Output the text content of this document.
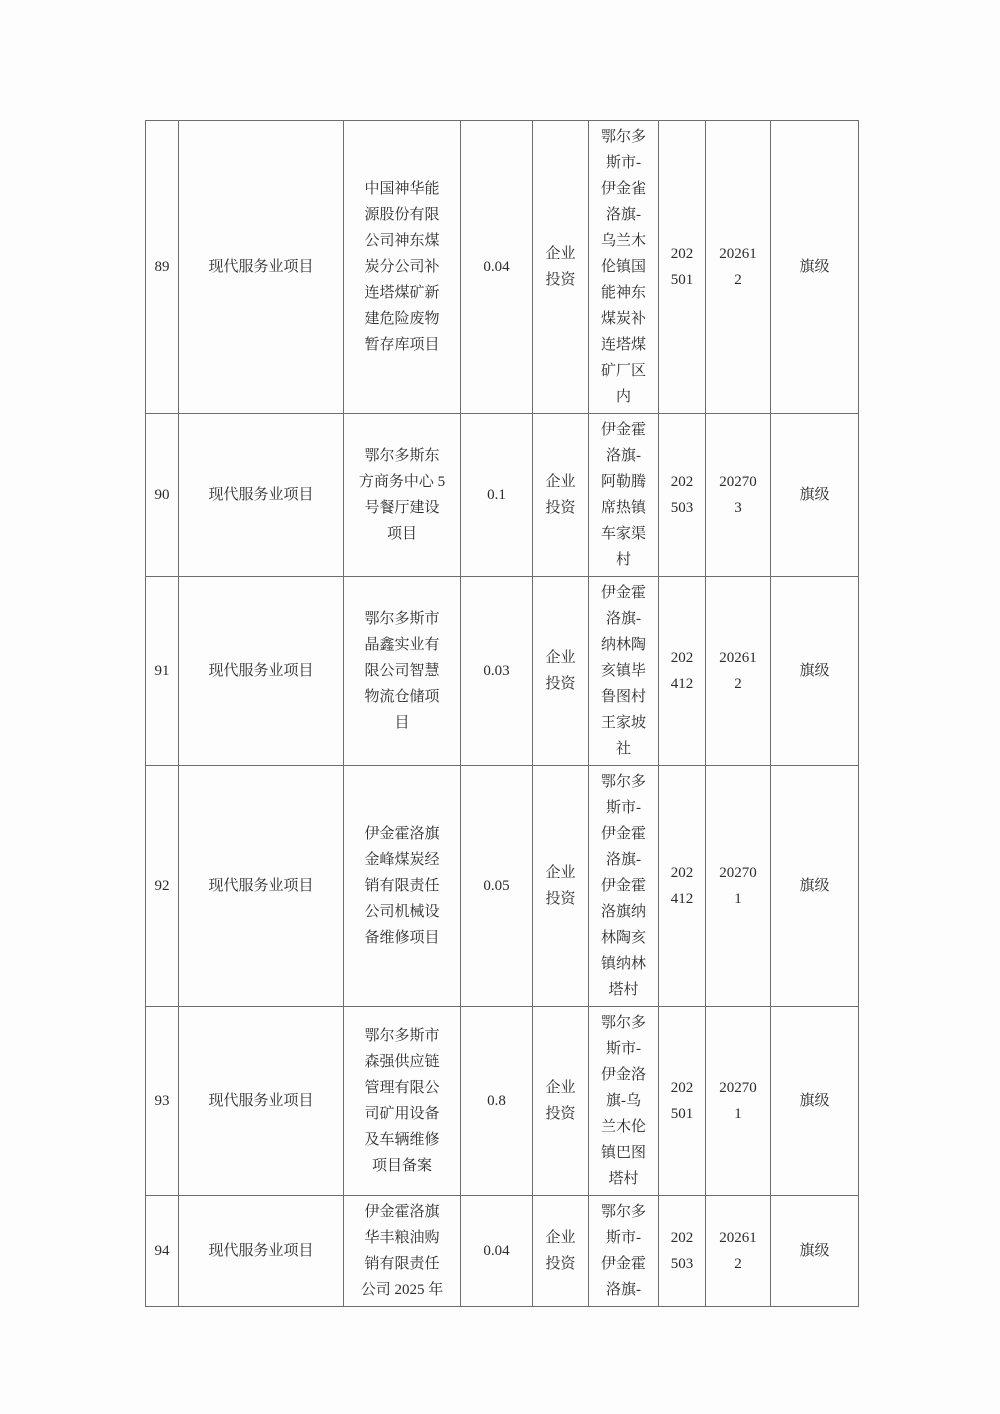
89	现代服务业项目	中国神华能源股份有限公司神东煤炭分公司补连塔煤矿新建危险废物暂存库项目	0.04	企业投资	鄂尔多斯市-伊金雀洛旗-乌兰木伦镇国能神东煤炭补连塔煤矿厂区内	202501	202612	旗级
90	现代服务业项目	鄂尔多斯东方商务中心 5 号餐厅建设项目	0.1	企业投资	伊金霍洛旗-阿勒腾席热镇车家渠村	202503	202703	旗级
91	现代服务业项目	鄂尔多斯市晶鑫实业有限公司智慧物流仓储项目	0.03	企业投资	伊金霍洛旗-纳林陶亥镇毕鲁图村王家坡社	202412	202612	旗级
92	现代服务业项目	伊金霍洛旗金峰煤炭经销有限责任公司机械设备维修项目	0.05	企业投资	鄂尔多斯市-伊金霍洛旗-伊金霍洛旗纳林陶亥镇纳林塔村	202412	202701	旗级
93	现代服务业项目	鄂尔多斯市森强供应链管理有限公司矿用设备及车辆维修项目备案	0.8	企业投资	鄂尔多斯市-伊金洛旗-乌兰木伦镇巴图塔村	202501	202701	旗级
94	现代服务业项目	伊金霍洛旗华丰粮油购销有限责任公司 2025 年	0.04	企业投资	鄂尔多斯市-伊金霍洛旗-	202503	202612	旗级
